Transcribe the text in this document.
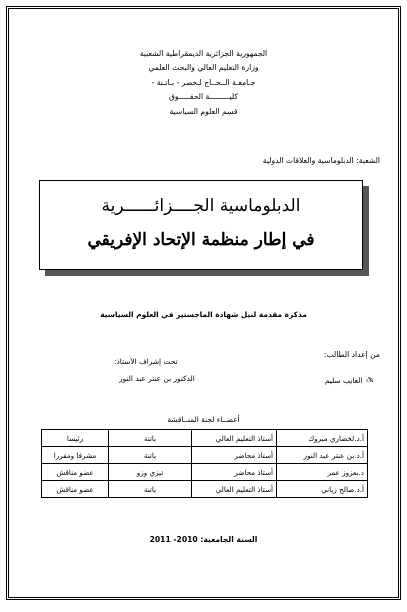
الجمهورية الجزائرية الديمقراطية الشعبية
وزارة التعليم العالي والبحث العلمي
جـامعـة الــحــاج لـخضر - بـاتـنة -
كليـــــــــة الحقـــــوق
قسم العلوم السياسية
الشعبة: الدبلوماسية والعلاقات الدولية
الدبلوماسية الجــــزائــــــرية
في إطار منظمة الإتحاد الإفريقي
مذكرة مقدمة لنيل شهادة الماجستير في العلوم السياسية
من إعداد الطالب:
تحت إشراف الأستاذ:
✍العايب سليم
الدكتور بن عنتر عبد النور
أعضــاء لجنة المنــاقشة
أ.د.لخضاري مبروك	أستاذ التعليم العالي	باتنة	رئيسا
أ.د.بن عنتر عبد النور	أستاذ محاضر	باتنة	مشرفا ومقررا
د.بعزوز عمر	أستاذ محاضر	تيزي وزو	عضو مناقش
أ.د.صالح زياني	أستاذ التعليم العالي	باتنة	عضو مناقش
السنة الجامعية: 2010- 2011
